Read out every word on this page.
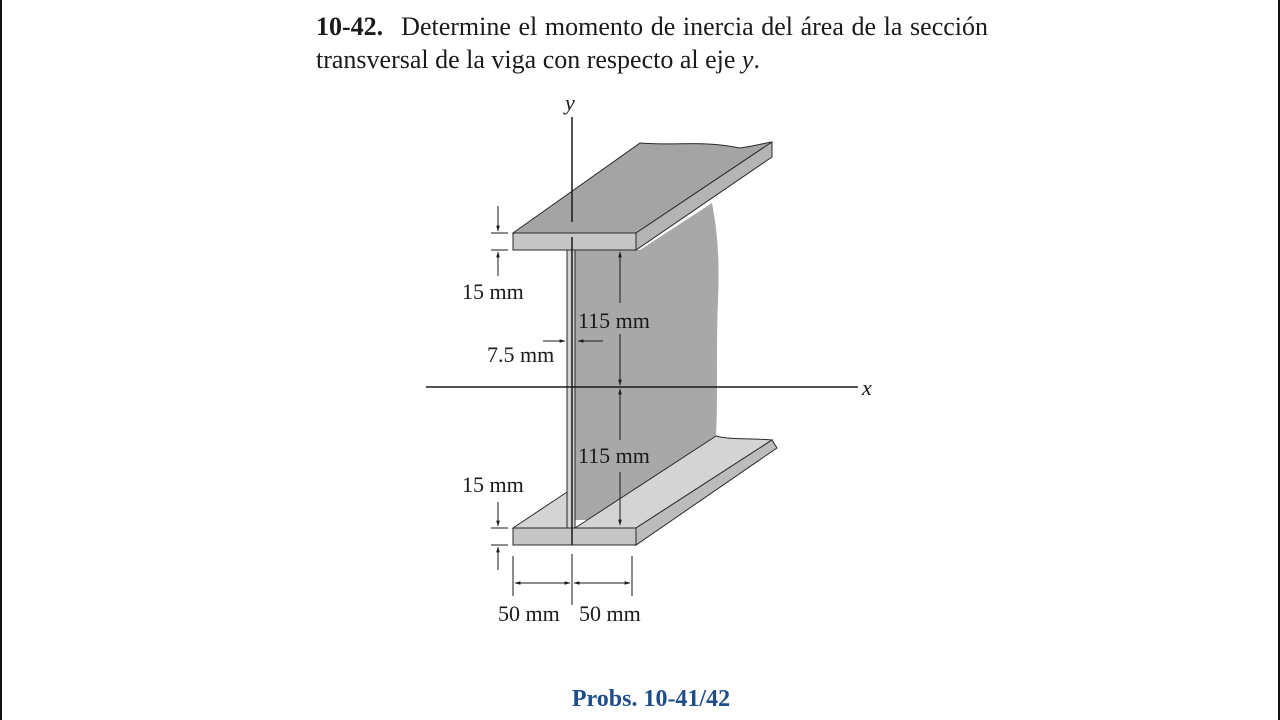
10-42. Determine el momento de inercia del área de la sección transversal de la viga con respecto al eje y.
y
x
15 mm
7.5 mm
115 mm
115 mm
15 mm
50 mm 50 mm
Probs. 10-41/42
